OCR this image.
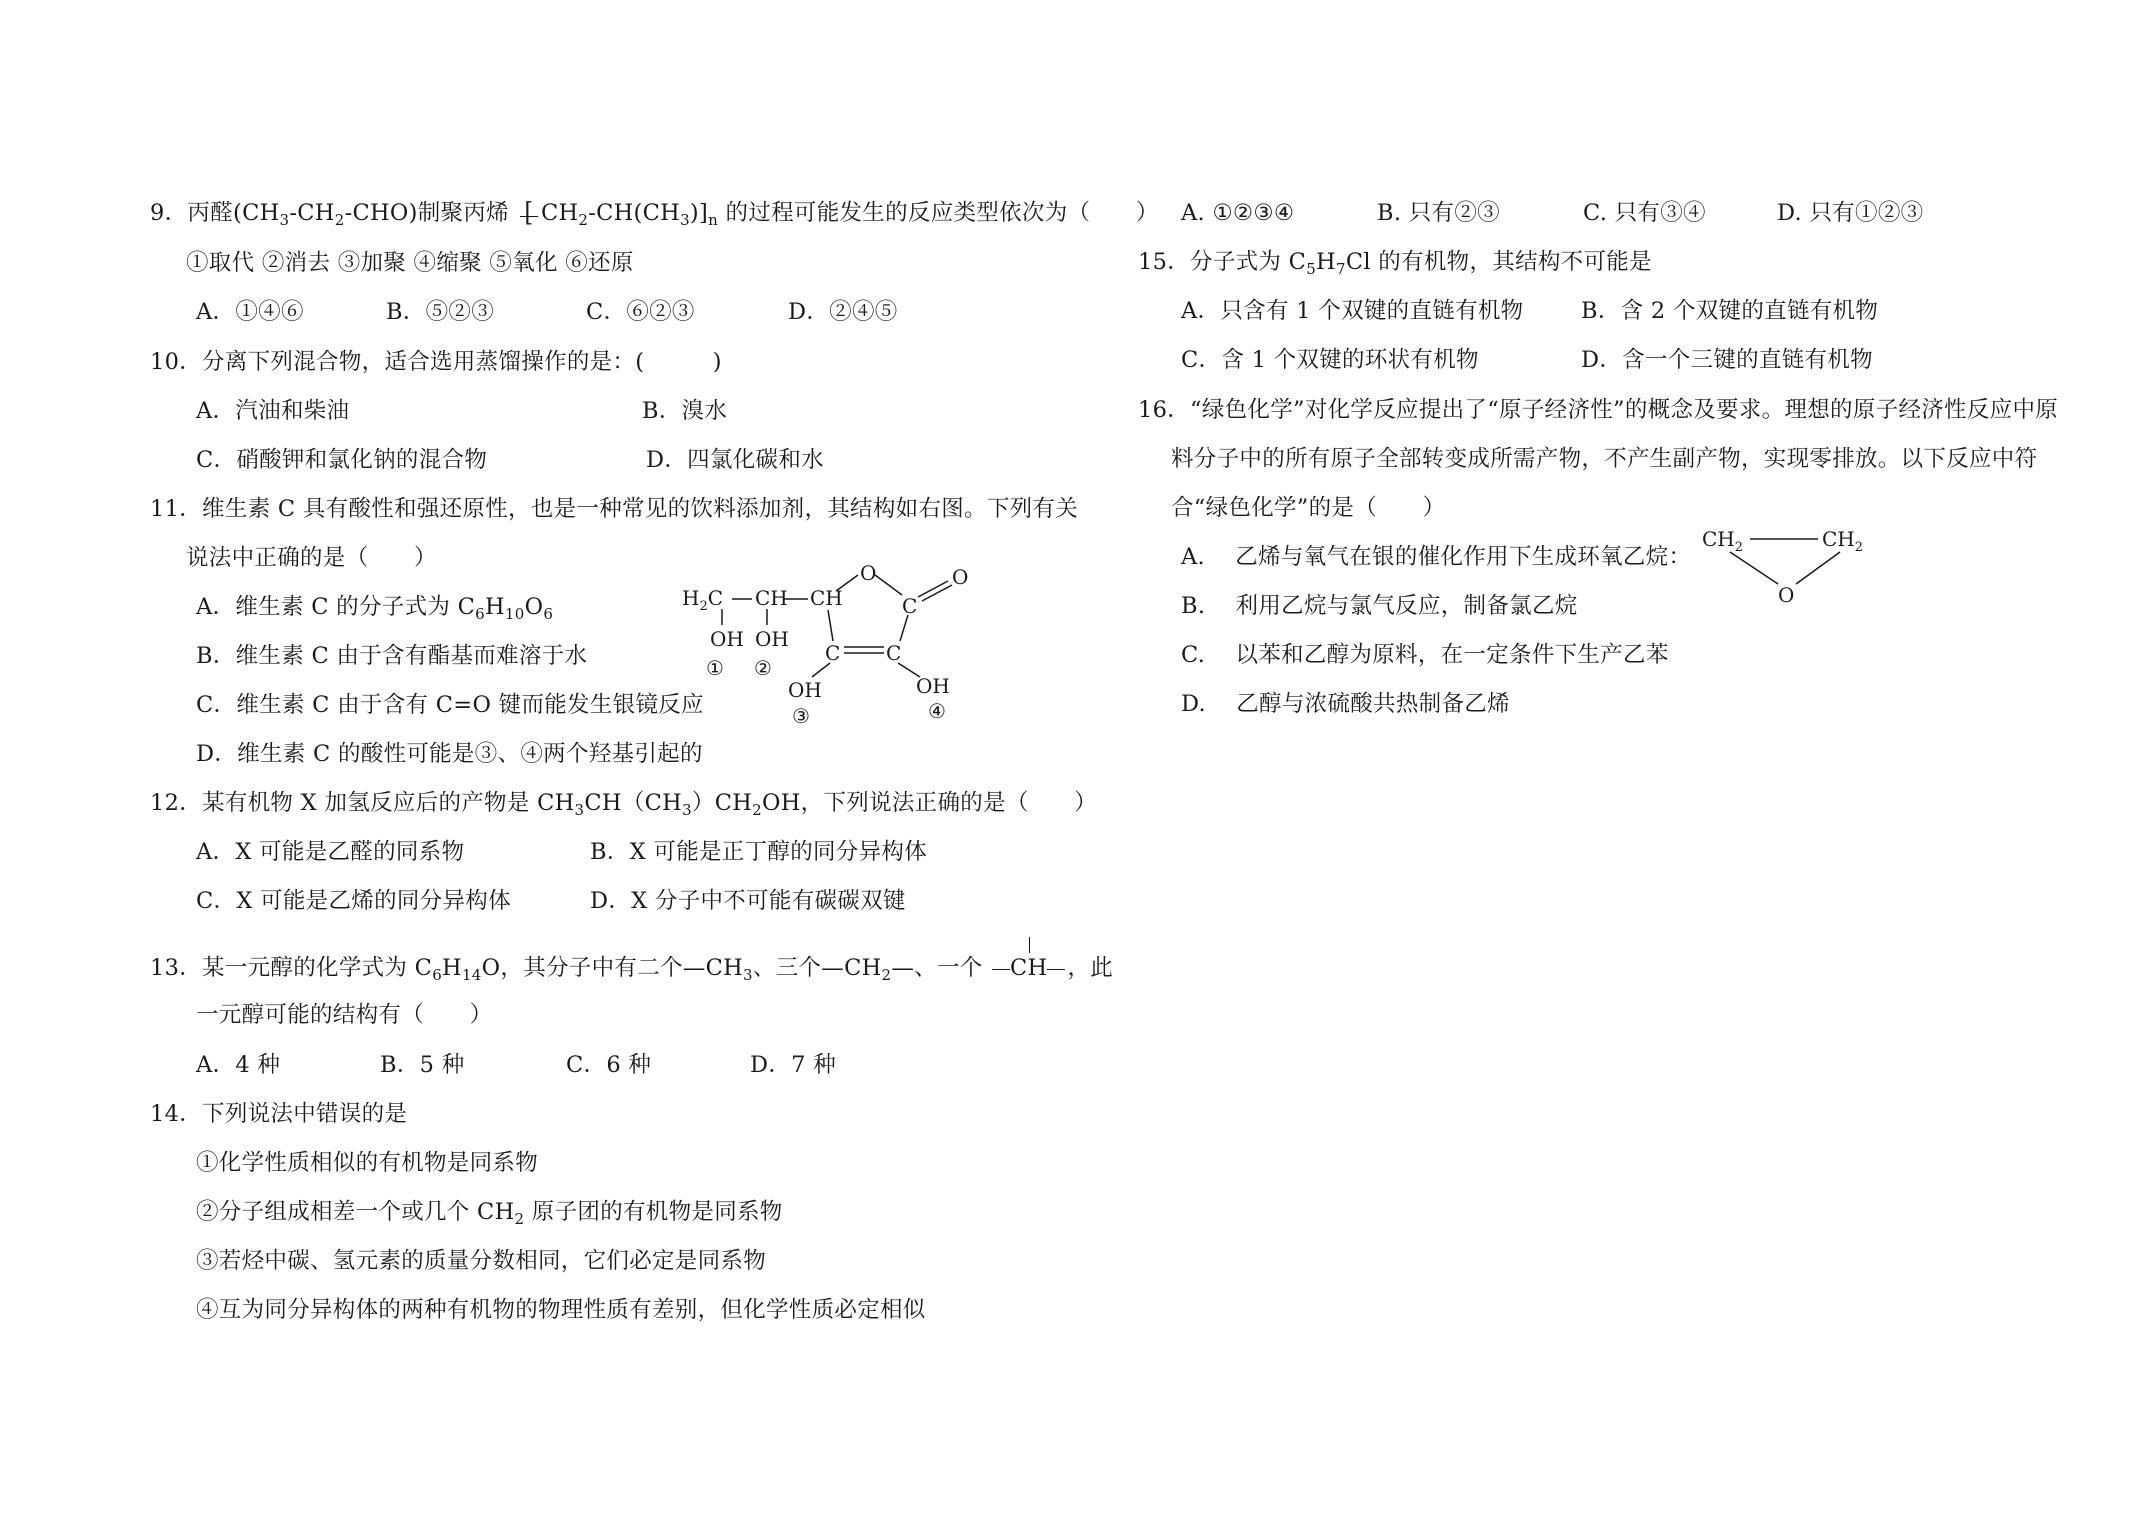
9．丙醛$(CH_3-CH_2-CHO)$制聚丙烯 [ $CH_2-CH(CH_3)]_n$ 的过程可能发生的反应类型依次为（　　）
①取代 ②消去 ③加聚 ④缩聚 ⑤氧化 ⑥还原
A．①④⑥	B．⑤②③	C．⑥②③	D．②④⑤
10．分离下列混合物，适合选用蒸馏操作的是：(　　　)
A．汽油和柴油	B．溴水
C．硝酸钾和氯化钠的混合物	D．四氯化碳和水
11．维生素 C 具有酸性和强还原性，也是一种常见的饮料添加剂，其结构如右图。下列有关
说法中正确的是（　　）
A．维生素 C 的分子式为 $C_6H_{10}O_6$
B．维生素 C 由于含有酯基而难溶于水
C．维生素 C 由于含有 C=O 键而能发生银镜反应
D．维生素 C 的酸性可能是③、④两个羟基引起的
$H_2C$ CH CH
O
C
O
C C
OH OH
OH	OH
① ②
③	④
12．某有机物 X 加氢反应后的产物是 $CH_3CH(CH_3)CH_2OH$，下列说法正确的是（　　）
A．X 可能是乙醛的同系物	B．X 可能是正丁醇的同分异构体
C．X 可能是乙烯的同分异构体	D．X 分子中不可能有碳碳双键
13．某一元醇的化学式为 $C_6H_{14}O$，其分子中有二个$—CH_3$、三个$—CH_2—$、一个 CH ，此
一元醇可能的结构有（　　）
A．4 种	B．5 种	C．6 种	D．7 种
14．下列说法中错误的是
①化学性质相似的有机物是同系物
②分子组成相差一个或几个 $CH_2$ 原子团的有机物是同系物
③若烃中碳、氢元素的质量分数相同，它们必定是同系物
④互为同分异构体的两种有机物的物理性质有差别，但化学性质必定相似
A. ①②③④	B. 只有②③	C. 只有③④	D. 只有①②③
15．分子式为 $C_5H_7Cl$ 的有机物，其结构不可能是
A．只含有 1 个双键的直链有机物	B．含 2 个双键的直链有机物
C．含 1 个双键的环状有机物	D．含一个三键的直链有机物
16．“绿色化学”对化学反应提出了“原子经济性”的概念及要求。理想的原子经济性反应中原
料分子中的所有原子全部转变成所需产物，不产生副产物，实现零排放。以下反应中符
合“绿色化学”的是（　　）
A.　 乙烯与氧气在银的催化作用下生成环氧乙烷：
B.　 利用乙烷与氯气反应，制备氯乙烷
C.　 以苯和乙醇为原料，在一定条件下生产乙苯
D.　 乙醇与浓硫酸共热制备乙烯
$CH_2$	$CH_2$
O
